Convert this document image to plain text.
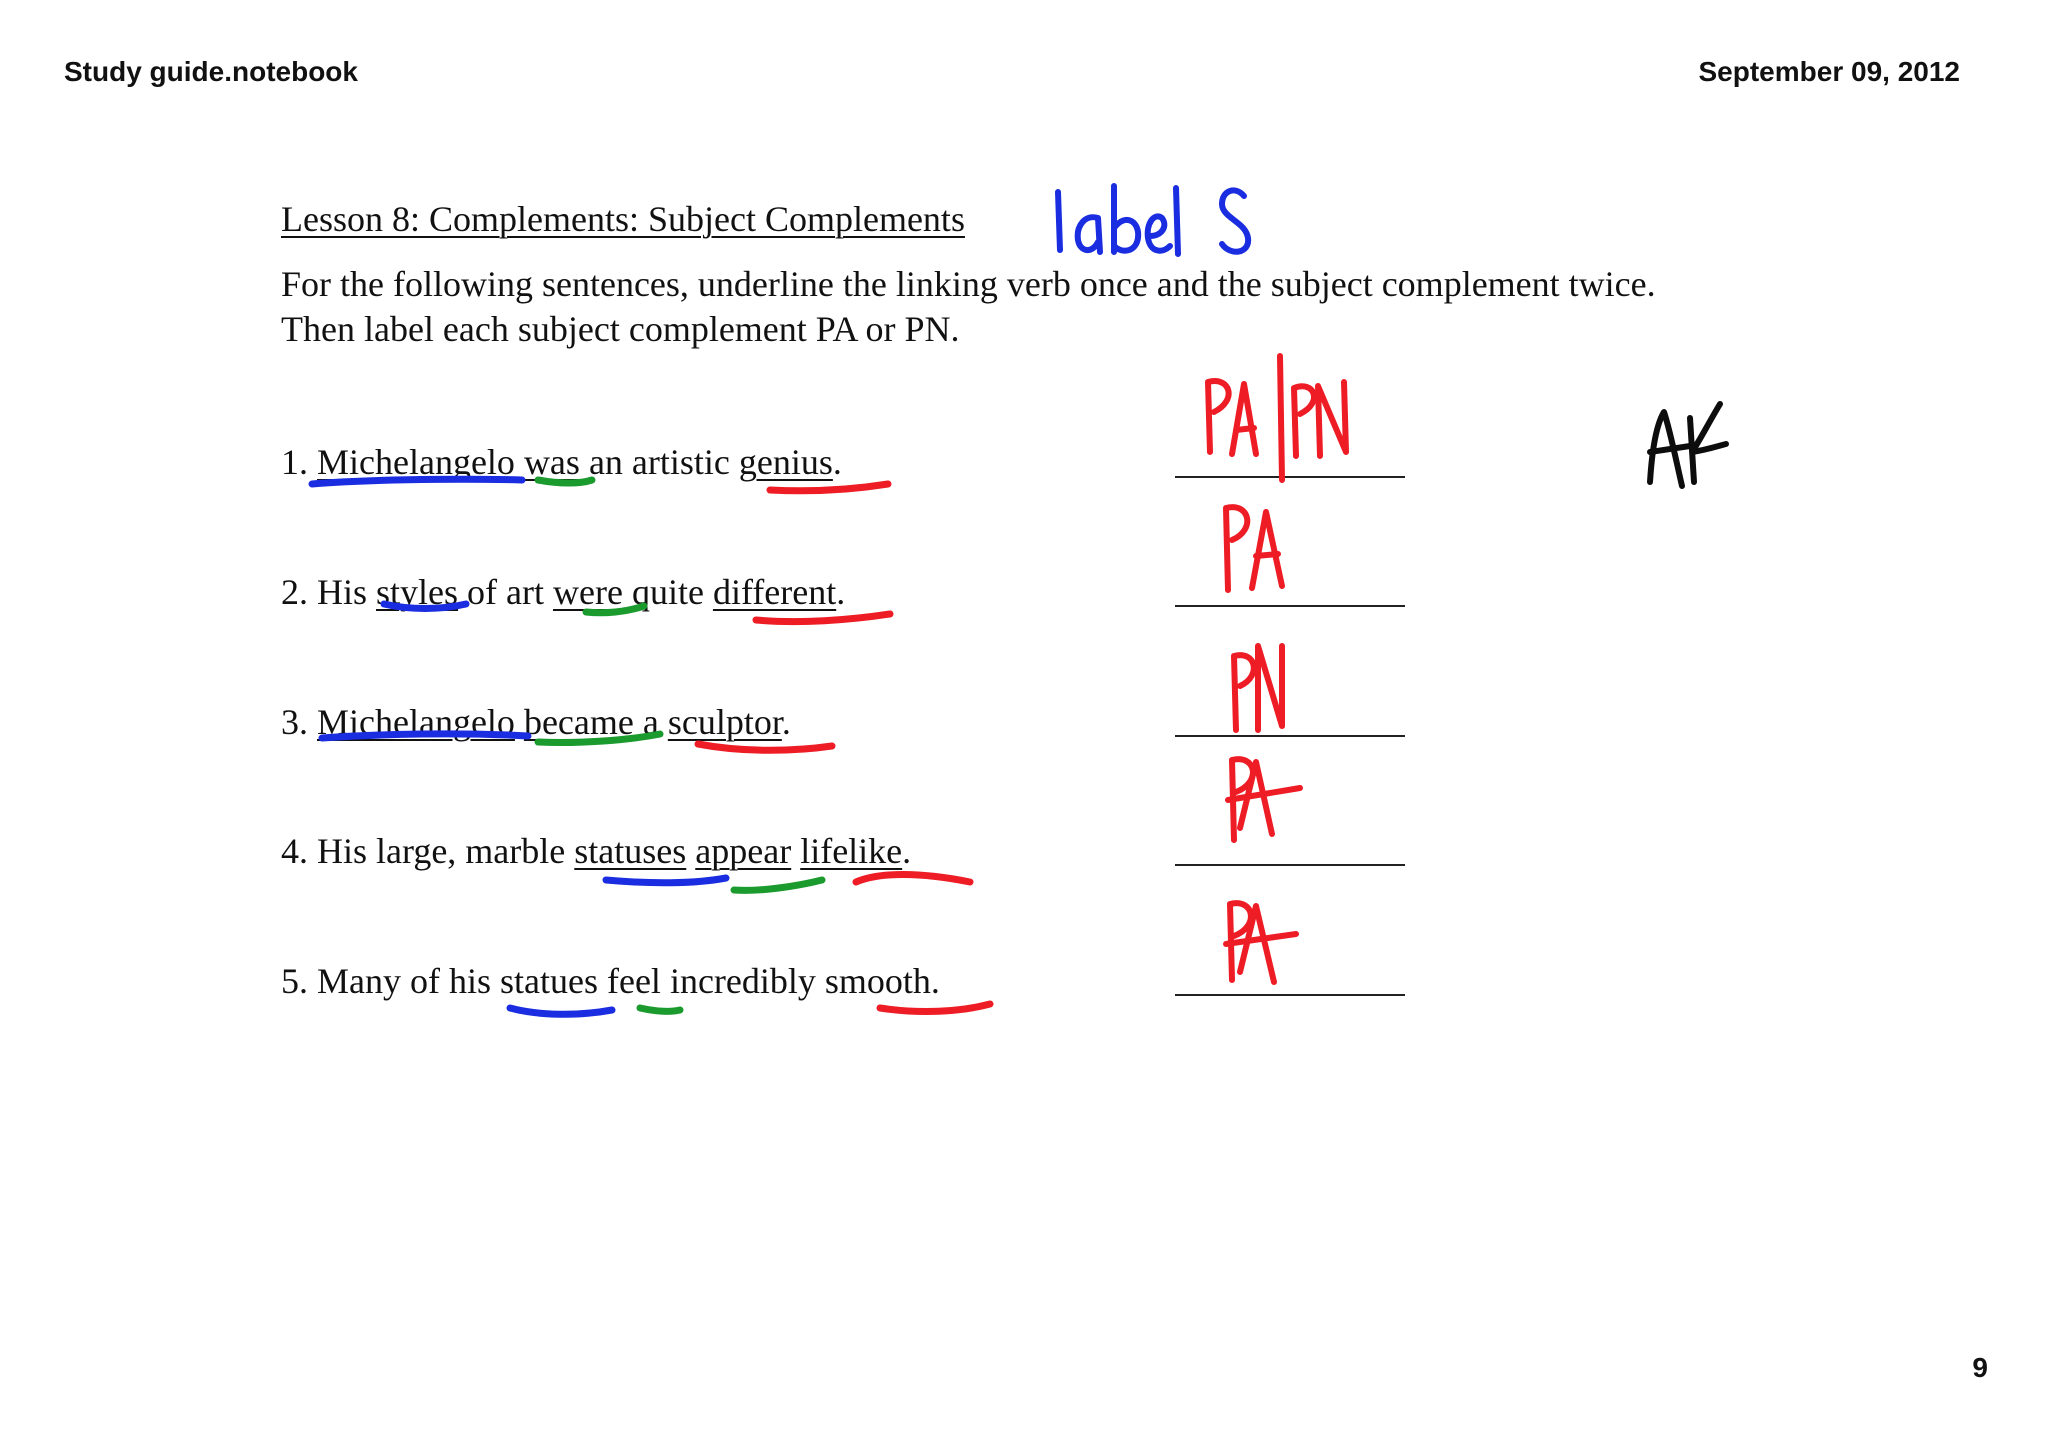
Study guide.notebook	September 09, 2012
Lesson 8: Complements: Subject Complements
For the following sentences, underline the linking verb once and the subject complement twice.
Then label each subject complement PA or PN.
1. Michelangelo was an artistic genius.
2. His styles of art were quite different.
3. Michelangelo became a sculptor.
4. His large, marble statuses appear lifelike.
5. Many of his statues feel incredibly smooth.
9
